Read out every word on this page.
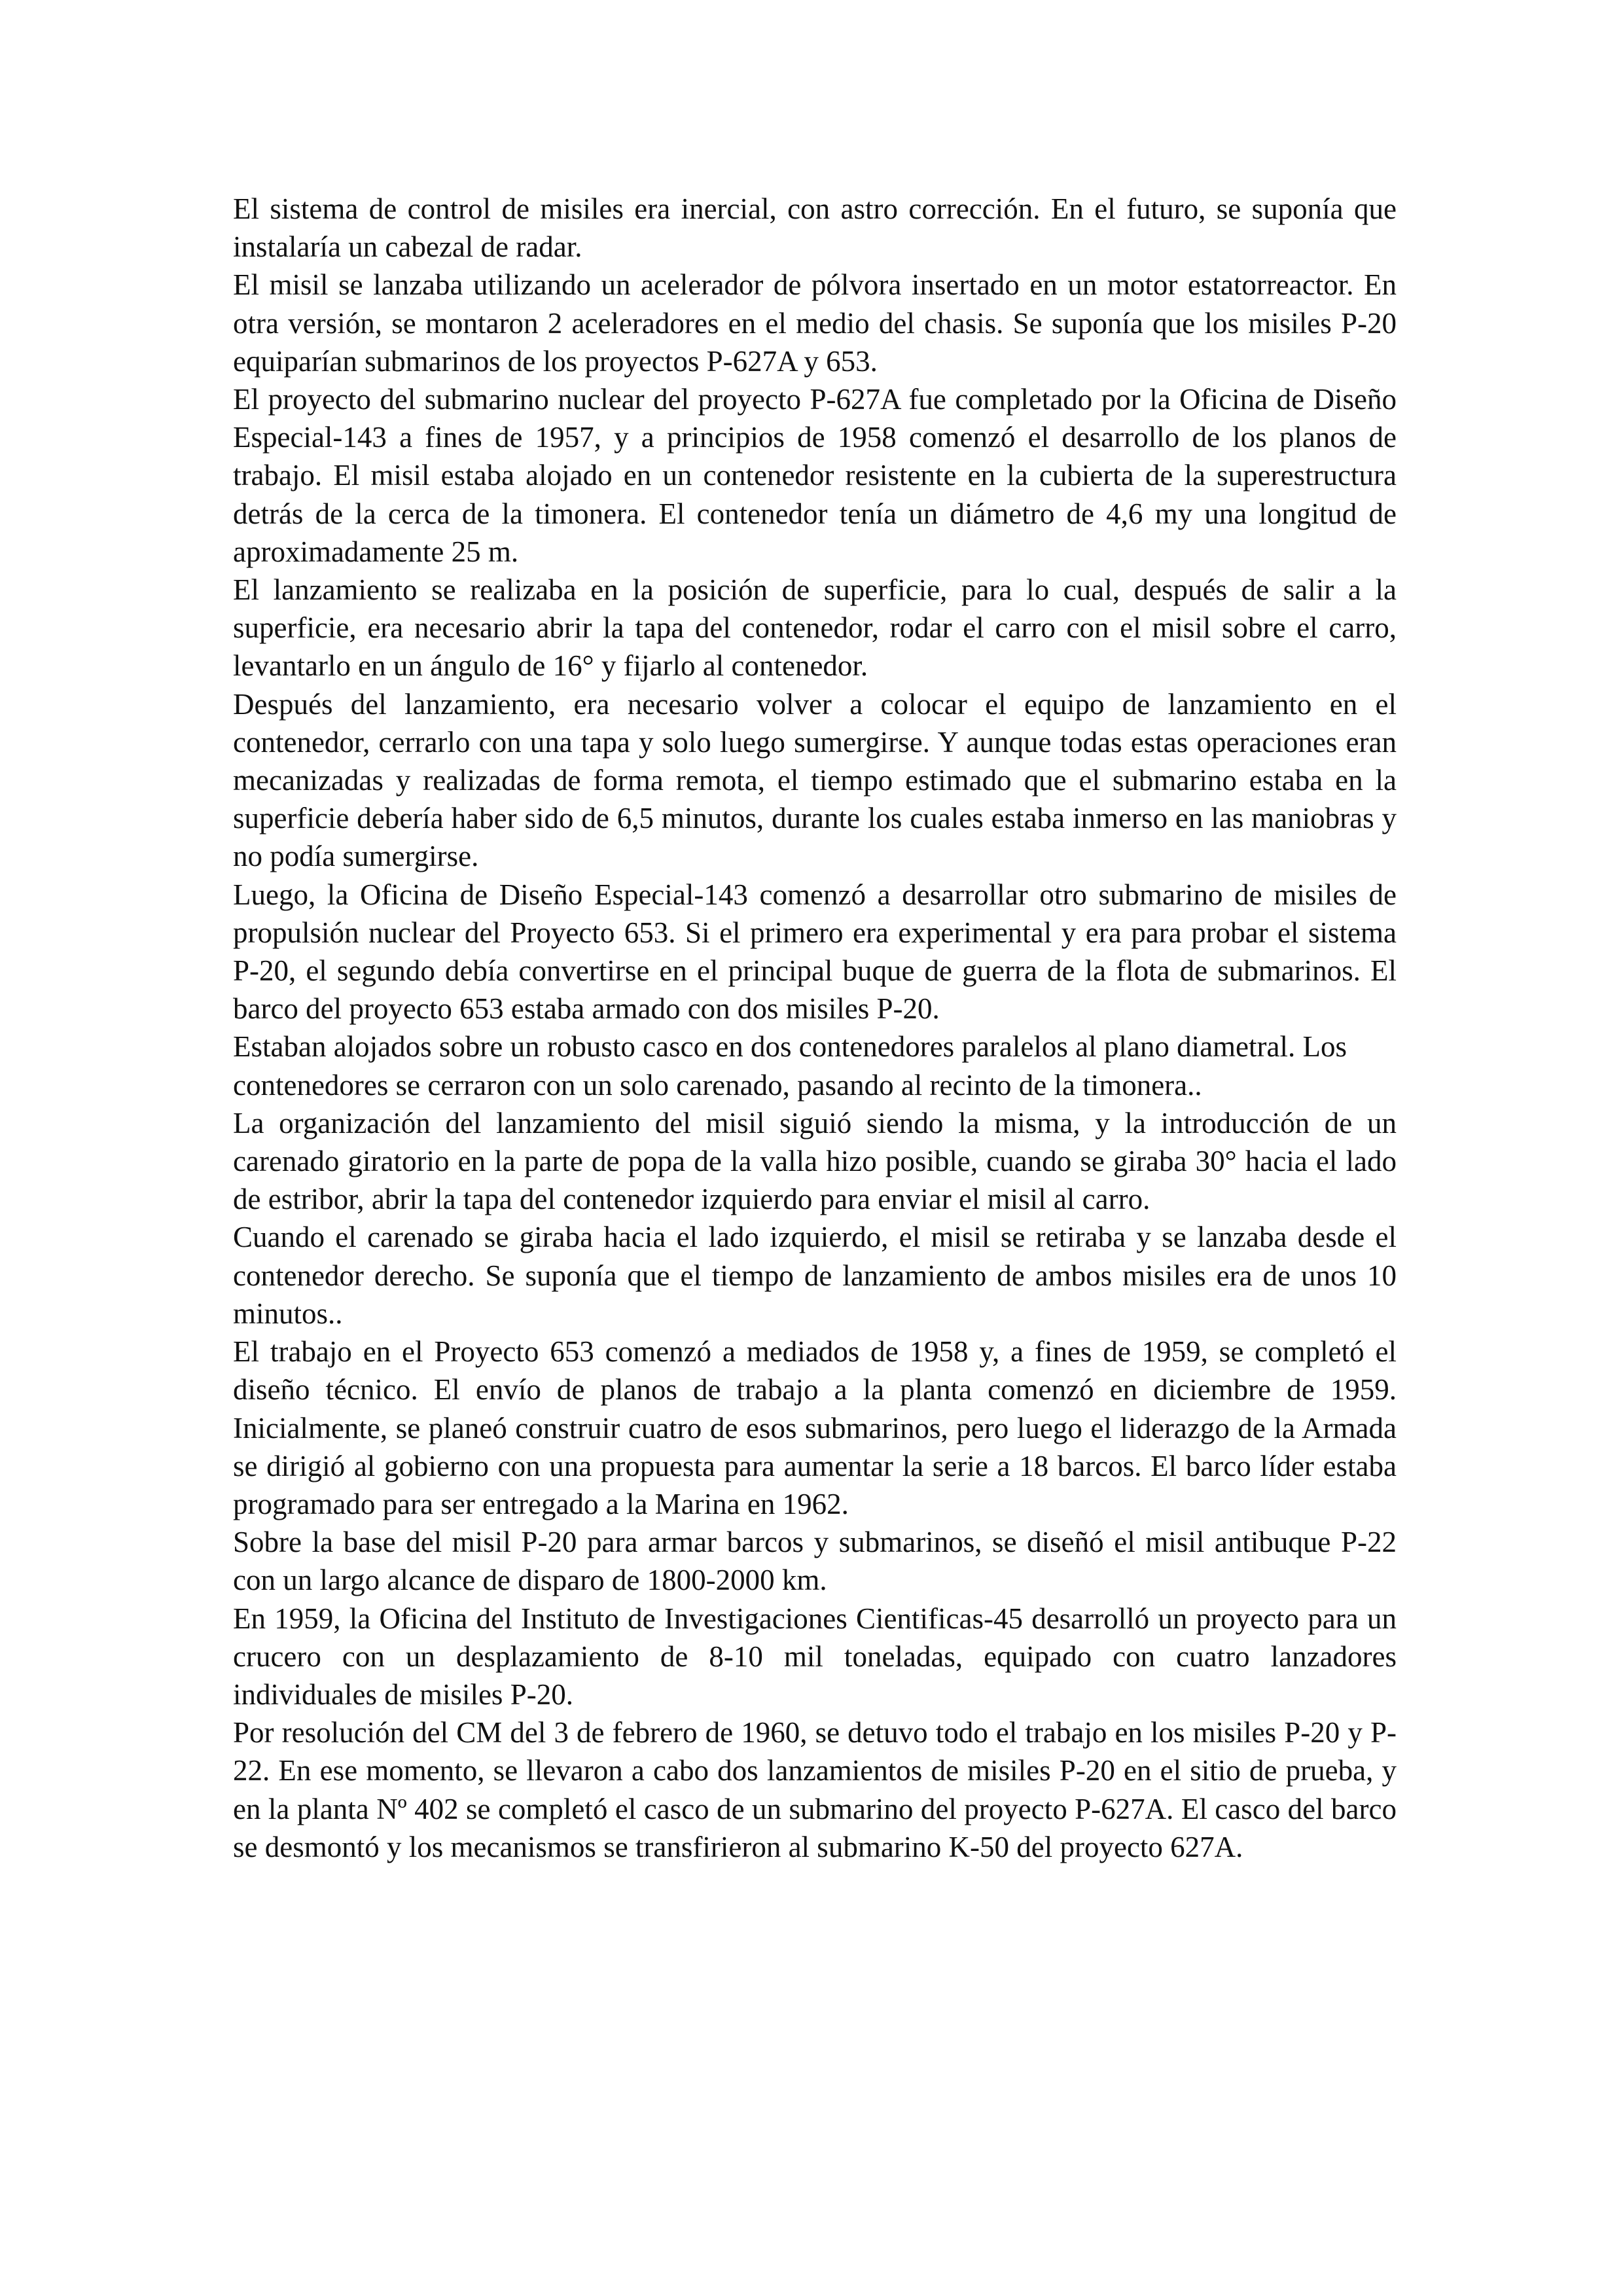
El sistema de control de misiles era inercial, con astro corrección. En el futuro, se suponía que instalaría un cabezal de radar.

El misil se lanzaba utilizando un acelerador de pólvora insertado en un motor estatorreactor. En otra versión, se montaron 2 aceleradores en el medio del chasis. Se suponía que los misiles P-20 equiparían submarinos de los proyectos P-627A y 653.

El proyecto del submarino nuclear del proyecto P-627A fue completado por la Oficina de Diseño Especial-143 a fines de 1957, y a principios de 1958 comenzó el desarrollo de los planos de trabajo. El misil estaba alojado en un contenedor resistente en la cubierta de la superestructura detrás de la cerca de la timonera. El contenedor tenía un diámetro de 4,6 my una longitud de aproximadamente 25 m.

El lanzamiento se realizaba en la posición de superficie, para lo cual, después de salir a la superficie, era necesario abrir la tapa del contenedor, rodar el carro con el misil sobre el carro, levantarlo en un ángulo de 16° y fijarlo al contenedor.

Después del lanzamiento, era necesario volver a colocar el equipo de lanzamiento en el contenedor, cerrarlo con una tapa y solo luego sumergirse. Y aunque todas estas operaciones eran mecanizadas y realizadas de forma remota, el tiempo estimado que el submarino estaba en la superficie debería haber sido de 6,5 minutos, durante los cuales estaba inmerso en las maniobras y no podía sumergirse.

Luego, la Oficina de Diseño Especial-143 comenzó a desarrollar otro submarino de misiles de propulsión nuclear del Proyecto 653. Si el primero era experimental y era para probar el sistema P-20, el segundo debía convertirse en el principal buque de guerra de la flota de submarinos. El barco del proyecto 653 estaba armado con dos misiles P-20.

Estaban alojados sobre un robusto casco en dos contenedores paralelos al plano diametral. Los contenedores se cerraron con un solo carenado, pasando al recinto de la timonera..

La organización del lanzamiento del misil siguió siendo la misma, y la introducción de un carenado giratorio en la parte de popa de la valla hizo posible, cuando se giraba 30° hacia el lado de estribor, abrir la tapa del contenedor izquierdo para enviar el misil al carro.

Cuando el carenado se giraba hacia el lado izquierdo, el misil se retiraba y se lanzaba desde el contenedor derecho. Se suponía que el tiempo de lanzamiento de ambos misiles era de unos 10 minutos..

El trabajo en el Proyecto 653 comenzó a mediados de 1958 y, a fines de 1959, se completó el diseño técnico. El envío de planos de trabajo a la planta comenzó en diciembre de 1959. Inicialmente, se planeó construir cuatro de esos submarinos, pero luego el liderazgo de la Armada se dirigió al gobierno con una propuesta para aumentar la serie a 18 barcos. El barco líder estaba programado para ser entregado a la Marina en 1962.

Sobre la base del misil P-20 para armar barcos y submarinos, se diseñó el misil antibuque P-22 con un largo alcance de disparo de 1800-2000 km.

En 1959, la Oficina del Instituto de Investigaciones Cientificas-45 desarrolló un proyecto para un crucero con un desplazamiento de 8-10 mil toneladas, equipado con cuatro lanzadores individuales de misiles P-20.

Por resolución del CM del 3 de febrero de 1960, se detuvo todo el trabajo en los misiles P-20 y P-22. En ese momento, se llevaron a cabo dos lanzamientos de misiles P-20 en el sitio de prueba, y en la planta Nº 402 se completó el casco de un submarino del proyecto P-627A. El casco del barco se desmontó y los mecanismos se transfirieron al submarino K-50 del proyecto 627A.
